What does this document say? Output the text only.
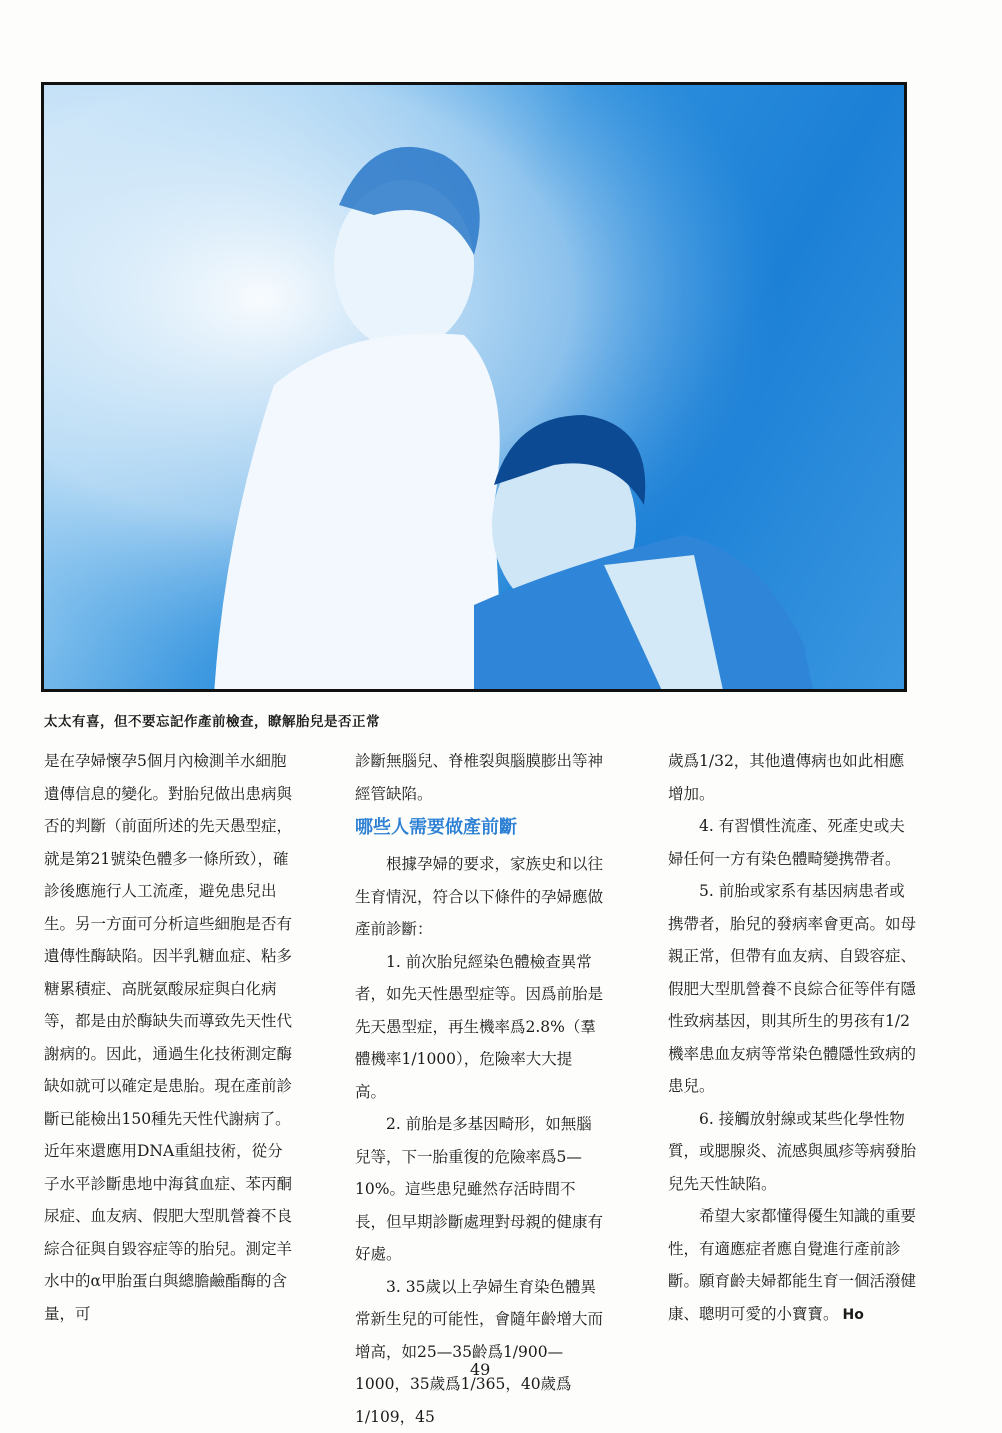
太太有喜，但不要忘記作產前檢查，瞭解胎兒是否正常

是在孕婦懷孕5個月內檢測羊水細胞遺傳信息的變化。對胎兒做出患病與否的判斷（前面所述的先天愚型症，就是第21號染色體多一條所致），確診後應施行人工流產，避免患兒出生。另一方面可分析這些細胞是否有遺傳性酶缺陷。因半乳糖血症、粘多糖累積症、高胱氨酸尿症與白化病等，都是由於酶缺失而導致先天性代謝病的。因此，通過生化技術測定酶缺如就可以確定是患胎。現在產前診斷已能檢出150種先天性代謝病了。近年來還應用DNA重組技術，從分子水平診斷患地中海貧血症、苯丙酮尿症、血友病、假肥大型肌營養不良綜合征與自毀容症等的胎兒。測定羊水中的α甲胎蛋白與總膽鹼酯酶的含量，可

診斷無腦兒、脊椎裂與腦膜膨出等神經管缺陷。

哪些人需要做產前斷

根據孕婦的要求，家族史和以往生育情況，符合以下條件的孕婦應做產前診斷：

1. 前次胎兒經染色體檢查異常者，如先天性愚型症等。因爲前胎是先天愚型症，再生機率爲2.8%（羣體機率1/1000），危險率大大提高。

2. 前胎是多基因畸形，如無腦兒等，下一胎重復的危險率爲5—10%。這些患兒雖然存活時間不長，但早期診斷處理對母親的健康有好處。

3. 35歲以上孕婦生育染色體異常新生兒的可能性，會隨年齡增大而增高，如25—35齡爲1/900—1000，35歲爲1/365，40歲爲1/109，45

歲爲1/32，其他遺傳病也如此相應增加。

4. 有習慣性流產、死產史或夫婦任何一方有染色體畸變携帶者。

5. 前胎或家系有基因病患者或携帶者，胎兒的發病率會更高。如母親正常，但帶有血友病、自毀容症、假肥大型肌營養不良綜合征等伴有隱性致病基因，則其所生的男孩有1/2機率患血友病等常染色體隱性致病的患兒。

6. 接觸放射線或某些化學性物質，或腮腺炎、流感與風疹等病發胎兒先天性缺陷。

希望大家都懂得優生知識的重要性，有適應症者應自覺進行產前診斷。願育齡夫婦都能生育一個活潑健康、聰明可愛的小寶寶。 Ho

49
